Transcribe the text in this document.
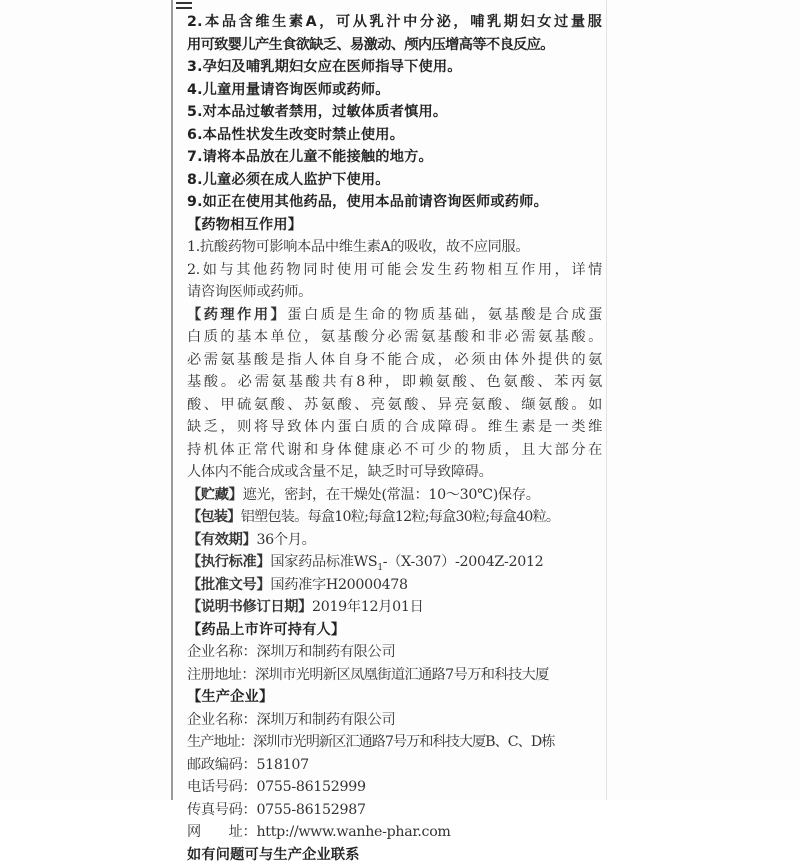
2.本品含维生素A，可从乳汁中分泌，哺乳期妇女过量服
用可致婴儿产生食欲缺乏、易激动、颅内压增高等不良反应。
3.孕妇及哺乳期妇女应在医师指导下使用。
4.儿童用量请咨询医师或药师。
5.对本品过敏者禁用，过敏体质者慎用。
6.本品性状发生改变时禁止使用。
7.请将本品放在儿童不能接触的地方。
8.儿童必须在成人监护下使用。
9.如正在使用其他药品，使用本品前请咨询医师或药师。
【药物相互作用】
1.抗酸药物可影响本品中维生素A的吸收，故不应同服。
2.如与其他药物同时使用可能会发生药物相互作用，详情
请咨询医师或药师。
【药理作用】蛋白质是生命的物质基础，氨基酸是合成蛋
白质的基本单位，氨基酸分必需氨基酸和非必需氨基酸。
必需氨基酸是指人体自身不能合成，必须由体外提供的氨
基酸。必需氨基酸共有8种，即赖氨酸、色氨酸、苯丙氨
酸、甲硫氨酸、苏氨酸、亮氨酸、异亮氨酸、缬氨酸。如
缺乏，则将导致体内蛋白质的合成障碍。维生素是一类维
持机体正常代谢和身体健康必不可少的物质，且大部分在
人体内不能合成或含量不足，缺乏时可导致障碍。
【贮藏】遮光，密封，在干燥处(常温：10～30℃)保存。
【包装】铝塑包装。每盒10粒;每盒12粒;每盒30粒;每盒40粒。
【有效期】36个月。
【执行标准】国家药品标准$WS_1-(X-307)-2004Z-2012$
【批准文号】国药准字H20000478
【说明书修订日期】2019年12月01日
【药品上市许可持有人】
企业名称：深圳万和制药有限公司
注册地址：深圳市光明新区凤凰街道汇通路7号万和科技大厦
【生产企业】
企业名称：深圳万和制药有限公司
生产地址：深圳市光明新区汇通路7号万和科技大厦B、C、D栋
邮政编码：518107
电话号码：0755-86152999
传真号码：0755-86152987
网　　址：http://www.wanhe-phar.com
如有问题可与生产企业联系
